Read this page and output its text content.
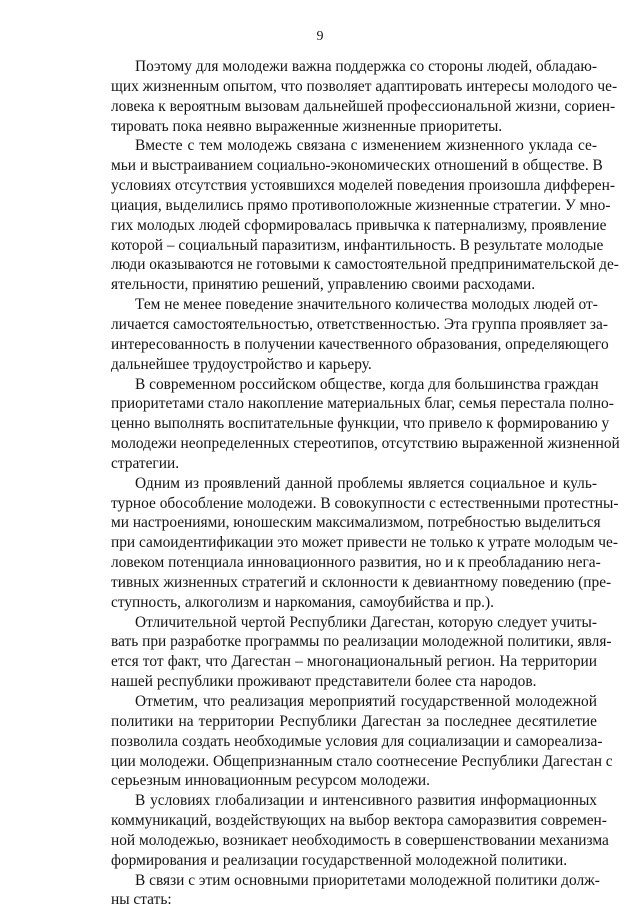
9
Поэтому для молодежи важна поддержка со стороны людей, обладаю-
щих жизненным опытом, что позволяет адаптировать интересы молодого че-
ловека к вероятным вызовам дальнейшей профессиональной жизни, сориен-
тировать пока неявно выраженные жизненные приоритеты.
Вместе с тем молодежь связана с изменением жизненного уклада се-
мьи и выстраиванием социально-экономических отношений в обществе. В
условиях отсутствия устоявшихся моделей поведения произошла дифферен-
циация, выделились прямо противоположные жизненные стратегии. У мно-
гих молодых людей сформировалась привычка к патернализму, проявление
которой – социальный паразитизм, инфантильность. В результате молодые
люди оказываются не готовыми к самостоятельной предпринимательской де-
ятельности, принятию решений, управлению своими расходами.
Тем не менее поведение значительного количества молодых людей от-
личается самостоятельностью, ответственностью. Эта группа проявляет за-
интересованность в получении качественного образования, определяющего
дальнейшее трудоустройство и карьеру.
В современном российском обществе, когда для большинства граждан
приоритетами стало накопление материальных благ, семья перестала полно-
ценно выполнять воспитательные функции, что привело к формированию у
молодежи неопределенных стереотипов, отсутствию выраженной жизненной
стратегии.
Одним из проявлений данной проблемы является социальное и куль-
турное обособление молодежи. В совокупности с естественными протестны-
ми настроениями, юношеским максимализмом, потребностью выделиться
при самоидентификации это может привести не только к утрате молодым че-
ловеком потенциала инновационного развития, но и к преобладанию нега-
тивных жизненных стратегий и склонности к девиантному поведению (пре-
ступность, алкоголизм и наркомания, самоубийства и пр.).
Отличительной чертой Республики Дагестан, которую следует учиты-
вать при разработке программы по реализации молодежной политики, явля-
ется тот факт, что Дагестан – многонациональный регион. На территории
нашей республики проживают представители более ста народов.
Отметим, что реализация мероприятий государственной молодежной
политики на территории Республики Дагестан за последнее десятилетие
позволила создать необходимые условия для социализации и самореализа-
ции молодежи. Общепризнанным стало соотнесение Республики Дагестан с
серьезным инновационным ресурсом молодежи.
В условиях глобализации и интенсивного развития информационных
коммуникаций, воздействующих на выбор вектора саморазвития современ-
ной молодежью, возникает необходимость в совершенствовании механизма
формирования и реализации государственной молодежной политики.
В связи с этим основными приоритетами молодежной политики долж-
ны стать:
